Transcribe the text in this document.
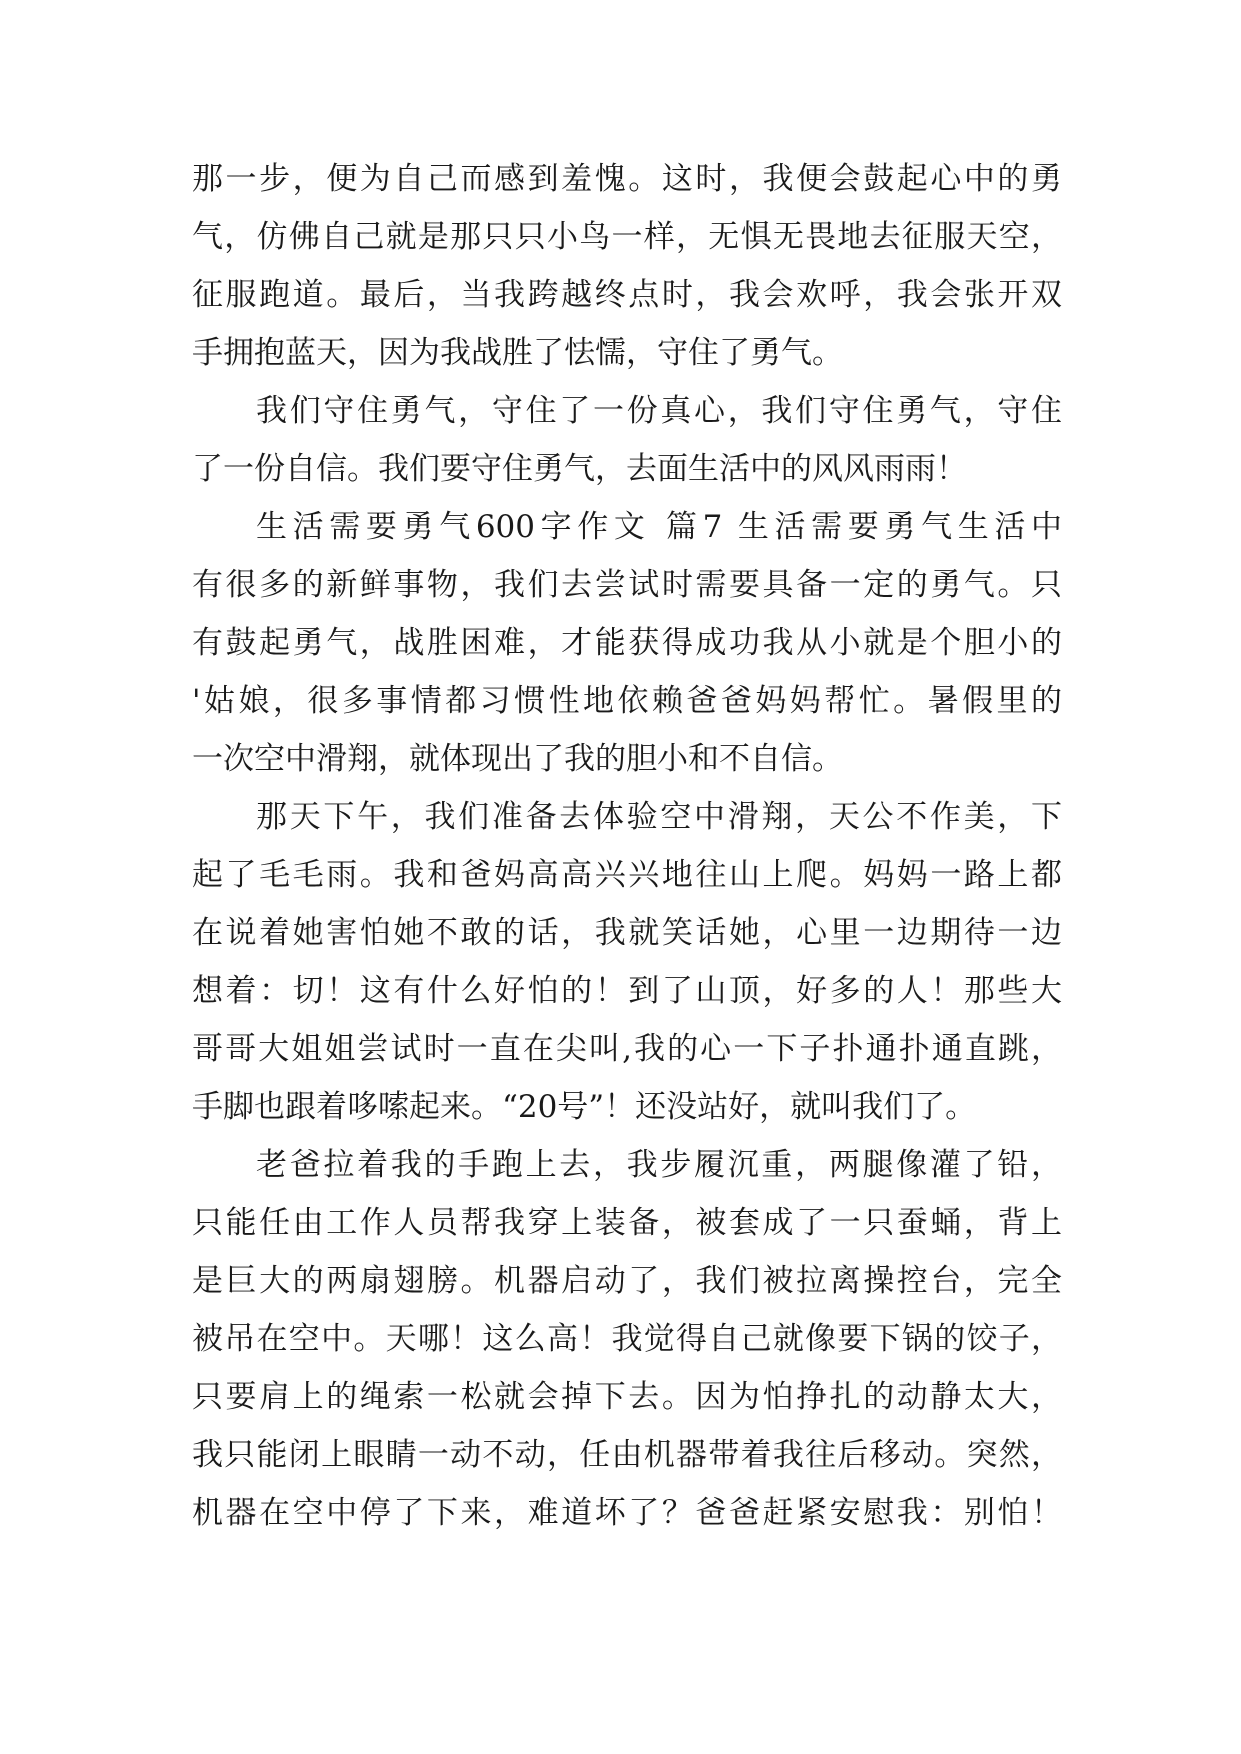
那一步，便为自己而感到羞愧。这时，我便会鼓起心中的勇
气，仿佛自己就是那只只小鸟一样，无惧无畏地去征服天空，
征服跑道。最后，当我跨越终点时，我会欢呼，我会张开双
手拥抱蓝天，因为我战胜了怯懦，守住了勇气。
我们守住勇气，守住了一份真心，我们守住勇气，守住
了一份自信。我们要守住勇气，去面生活中的风风雨雨！
生活需要勇气600字作文 篇7 生活需要勇气生活中
有很多的新鲜事物，我们去尝试时需要具备一定的勇气。只
有鼓起勇气，战胜困难，才能获得成功我从小就是个胆小的
'姑娘，很多事情都习惯性地依赖爸爸妈妈帮忙。暑假里的
一次空中滑翔，就体现出了我的胆小和不自信。
那天下午，我们准备去体验空中滑翔，天公不作美，下
起了毛毛雨。我和爸妈高高兴兴地往山上爬。妈妈一路上都
在说着她害怕她不敢的话，我就笑话她，心里一边期待一边
想着：切！这有什么好怕的！到了山顶，好多的人！那些大
哥哥大姐姐尝试时一直在尖叫,我的心一下子扑通扑通直跳，
手脚也跟着哆嗦起来。“20号”！还没站好，就叫我们了。
老爸拉着我的手跑上去，我步履沉重，两腿像灌了铅，
只能任由工作人员帮我穿上装备，被套成了一只蚕蛹，背上
是巨大的两扇翅膀。机器启动了，我们被拉离操控台，完全
被吊在空中。天哪！这么高！我觉得自己就像要下锅的饺子，
只要肩上的绳索一松就会掉下去。因为怕挣扎的动静太大，
我只能闭上眼睛一动不动，任由机器带着我往后移动。突然，
机器在空中停了下来，难道坏了？爸爸赶紧安慰我：别怕！
